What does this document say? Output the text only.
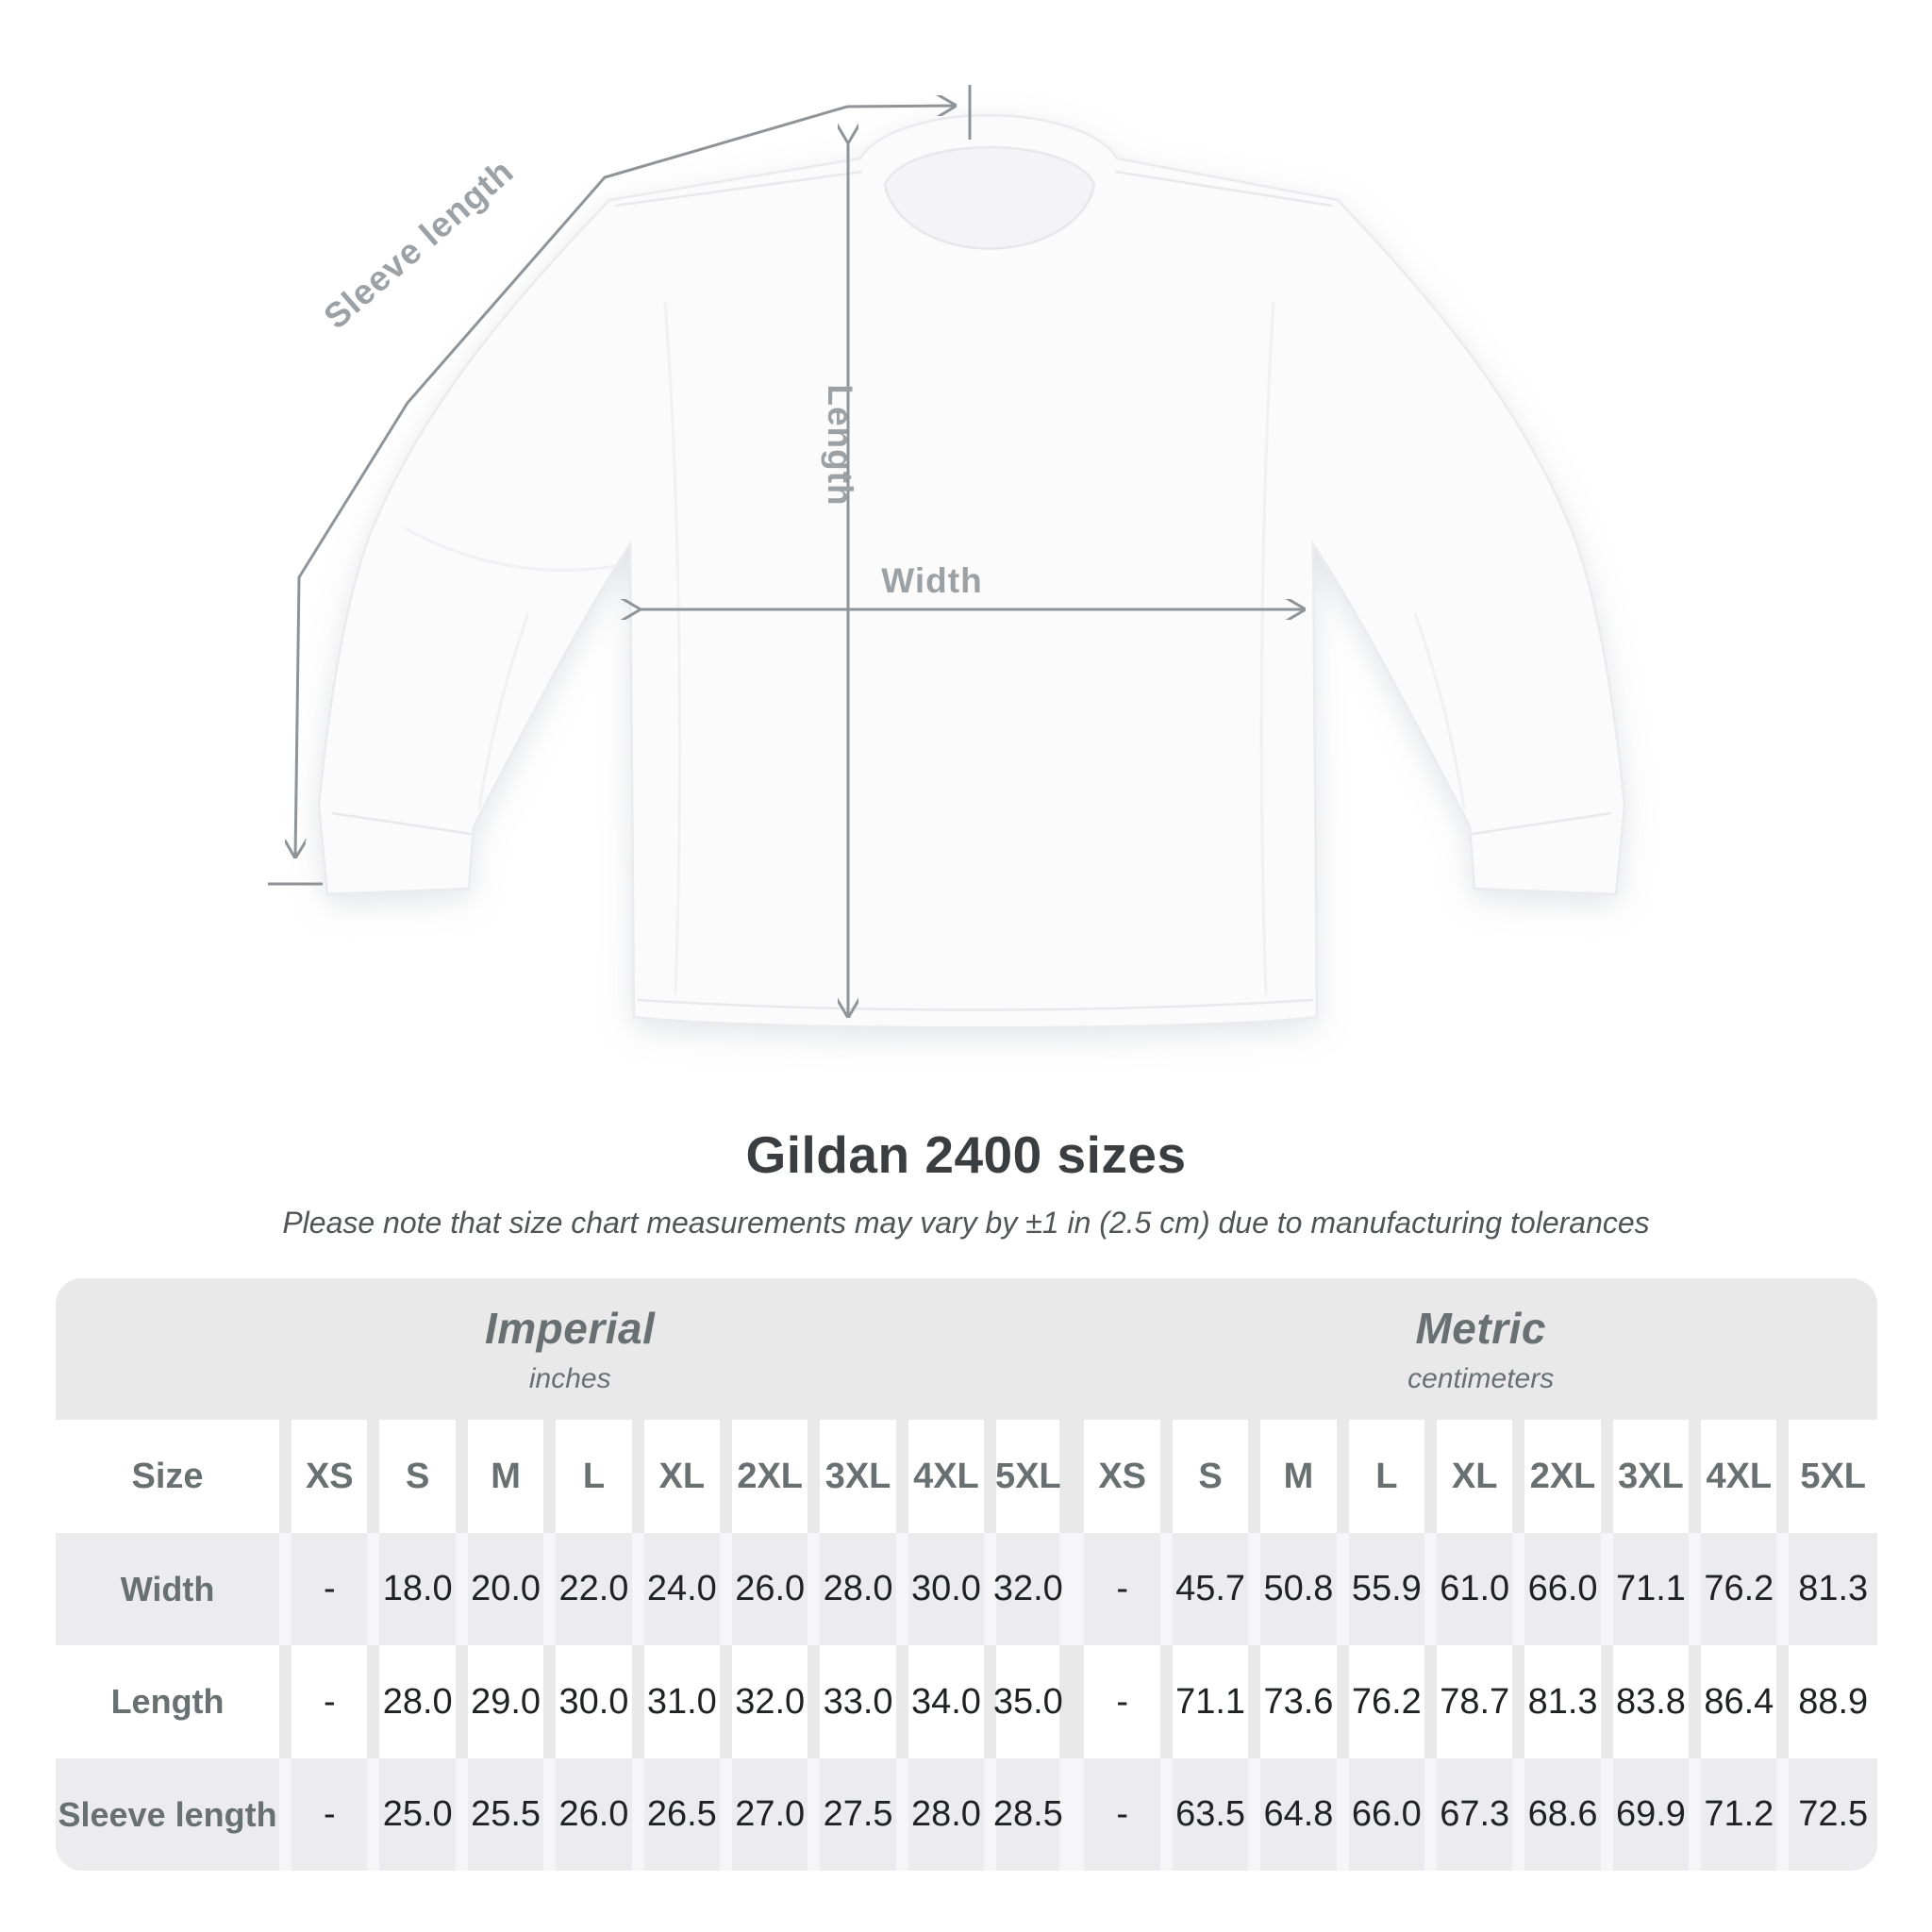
Sleeve length
Length
Width
Gildan 2400 sizes

Please note that size chart measurements may vary by ±1 in (2.5 cm) due to manufacturing tolerances

Imperial
inches
Metric
centimeters
Size	XS	S	M	L	XL 2XL 3XL 4XL 5XL	XS	S	M	L	XL 2XL 3XL 4XL 5XL
Width	-	18.0 20.0 22.0 24.0 26.0 28.0 30.0 32.0	-	45.7 50.8 55.9 61.0 66.0 71.1 76.2 81.3
Length	-	28.0 29.0 30.0 31.0 32.0 33.0 34.0 35.0	-	71.1 73.6 76.2 78.7 81.3 83.8 86.4 88.9
Sleeve length	-	25.0 25.5 26.0 26.5 27.0 27.5 28.0 28.5	-	63.5 64.8 66.0 67.3 68.6 69.9 71.2 72.5
